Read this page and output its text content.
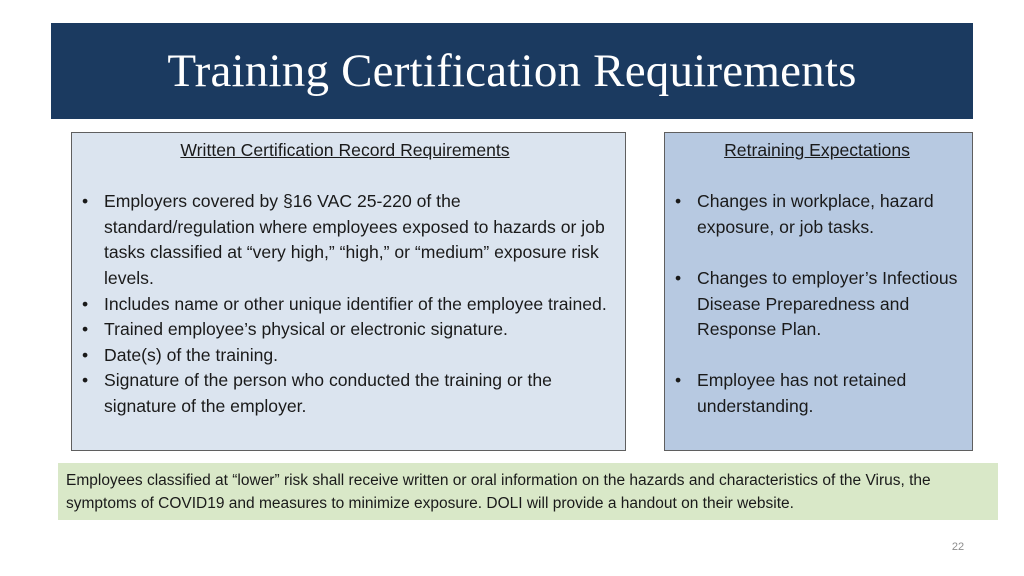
Training Certification Requirements
Written Certification Record Requirements
• Employers covered by §16 VAC 25-220 of the standard/regulation where employees exposed to hazards or job tasks classified at “very high,” “high,” or “medium” exposure risk levels.
• Includes name or other unique identifier of the employee trained.
• Trained employee’s physical or electronic signature.
• Date(s) of the training.
• Signature of the person who conducted the training or the signature of the employer.
Retraining Expectations
• Changes in workplace, hazard exposure, or job tasks.
• Changes to employer’s Infectious Disease Preparedness and Response Plan.
• Employee has not retained understanding.
Employees classified at “lower” risk shall receive written or oral information on the hazards and characteristics of the Virus, the symptoms of COVID19 and measures to minimize exposure. DOLI will provide a handout on their website.
22
